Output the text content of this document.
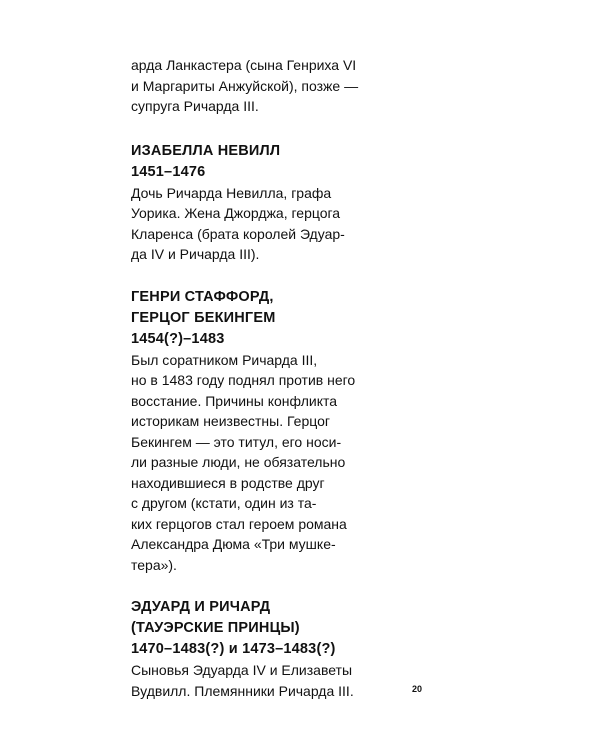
арда Ланкастера (сына Генриха VI
и Маргариты Анжуйской), позже —
супруга Ричарда III.
ИЗАБЕЛЛА НЕВИЛЛ
1451–1476
Дочь Ричарда Невилла, графа
Уорика. Жена Джорджа, герцога
Кларенса (брата королей Эдуар-
да IV и Ричарда III).
ГЕНРИ СТАФФОРД,
ГЕРЦОГ БЕКИНГЕМ
1454(?)–1483
Был соратником Ричарда III,
но в 1483 году поднял против него
восстание. Причины конфликта
историкам неизвестны. Герцог
Бекингем — это титул, его носи-
ли разные люди, не обязательно
находившиеся в родстве друг
с другом (кстати, один из та-
ких герцогов стал героем романа
Александра Дюма «Три мушке-
тера»).
ЭДУАРД И РИЧАРД
(ТАУЭРСКИЕ ПРИНЦЫ)
1470–1483(?) и 1473–1483(?)
Сыновья Эдуарда IV и Елизаветы
Вудвилл. Племянники Ричарда III.	20
